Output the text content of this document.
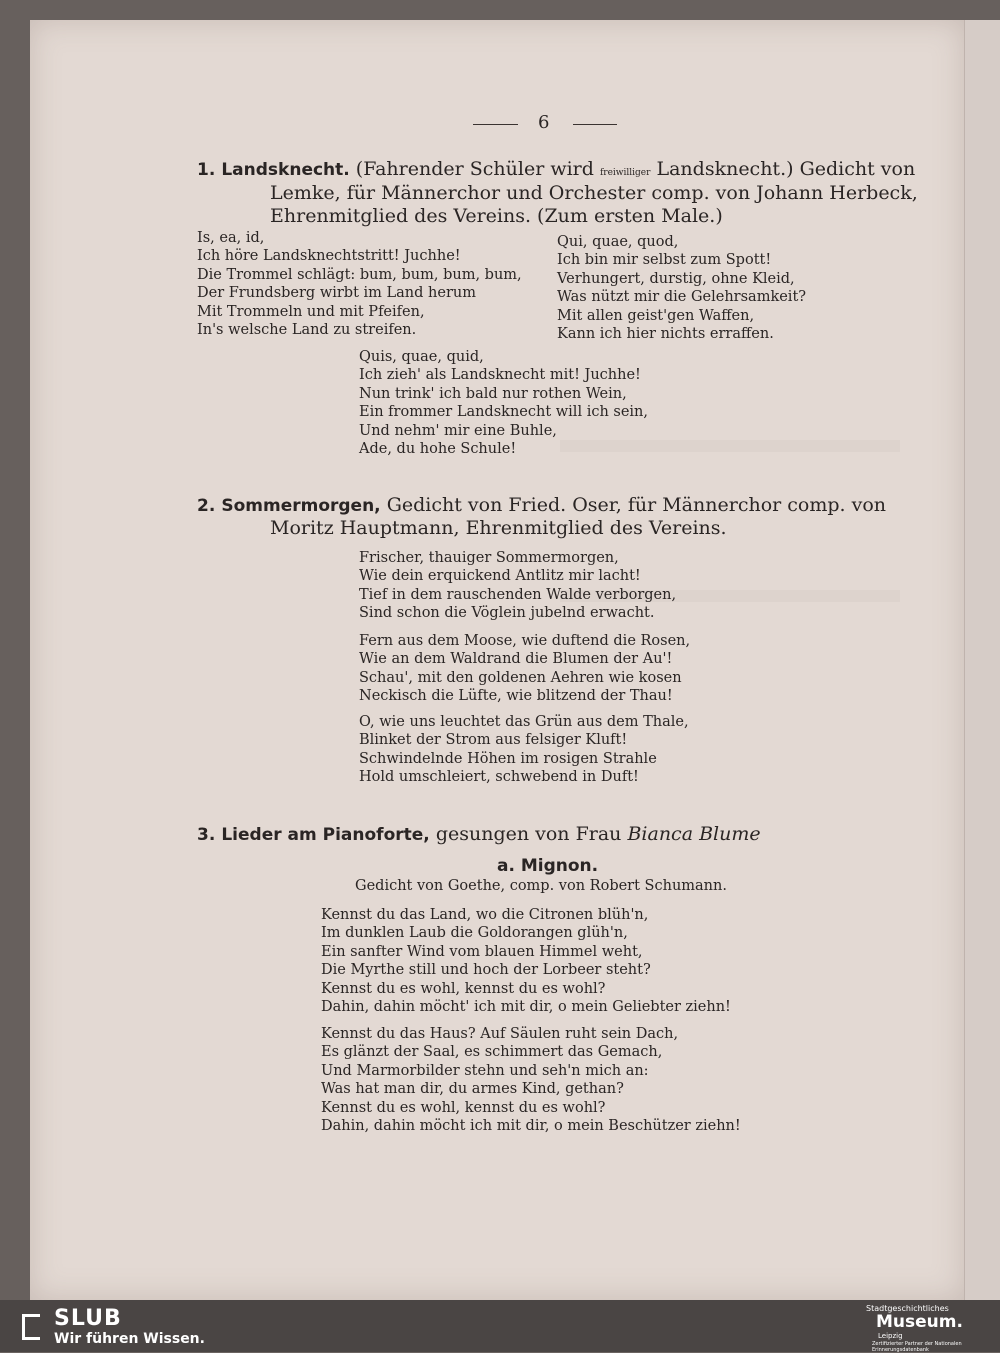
6
1. Landsknecht. (Fahrender Schüler wird freiwilliger Landsknecht.) Gedicht von
Lemke, für Männerchor und Orchester comp. von Johann Herbeck,
Ehrenmitglied des Vereins. (Zum ersten Male.)
Is, ea, id,
Ich höre Landsknechtstritt! Juchhe!
Die Trommel schlägt: bum, bum, bum, bum,
Der Frundsberg wirbt im Land herum
Mit Trommeln und mit Pfeifen,
In's welsche Land zu streifen.
Qui, quae, quod,
Ich bin mir selbst zum Spott!
Verhungert, durstig, ohne Kleid,
Was nützt mir die Gelehrsamkeit?
Mit allen geist'gen Waffen,
Kann ich hier nichts erraffen.
Quis, quae, quid,
Ich zieh' als Landsknecht mit! Juchhe!
Nun trink' ich bald nur rothen Wein,
Ein frommer Landsknecht will ich sein,
Und nehm' mir eine Buhle,
Ade, du hohe Schule!
2. Sommermorgen, Gedicht von Fried. Oser, für Männerchor comp. von
Moritz Hauptmann, Ehrenmitglied des Vereins.
Frischer, thauiger Sommermorgen,
Wie dein erquickend Antlitz mir lacht!
Tief in dem rauschenden Walde verborgen,
Sind schon die Vöglein jubelnd erwacht.
Fern aus dem Moose, wie duftend die Rosen,
Wie an dem Waldrand die Blumen der Au'!
Schau', mit den goldenen Aehren wie kosen
Neckisch die Lüfte, wie blitzend der Thau!
O, wie uns leuchtet das Grün aus dem Thale,
Blinket der Strom aus felsiger Kluft!
Schwindelnde Höhen im rosigen Strahle
Hold umschleiert, schwebend in Duft!
3. Lieder am Pianoforte, gesungen von Frau Bianca Blume
a. Mignon.
Gedicht von Goethe, comp. von Robert Schumann.
Kennst du das Land, wo die Citronen blüh'n,
Im dunklen Laub die Goldorangen glüh'n,
Ein sanfter Wind vom blauen Himmel weht,
Die Myrthe still und hoch der Lorbeer steht?
Kennst du es wohl, kennst du es wohl?
Dahin, dahin möcht' ich mit dir, o mein Geliebter ziehn!
Kennst du das Haus? Auf Säulen ruht sein Dach,
Es glänzt der Saal, es schimmert das Gemach,
Und Marmorbilder stehn und seh'n mich an:
Was hat man dir, du armes Kind, gethan?
Kennst du es wohl, kennst du es wohl?
Dahin, dahin möcht ich mit dir, o mein Beschützer ziehn!
SLUB
Wir führen Wissen.
Stadtgeschichtliches
Museum.
Leipzig
Zertifizierter Partner der Nationalen Erinnerungsdatenbank
